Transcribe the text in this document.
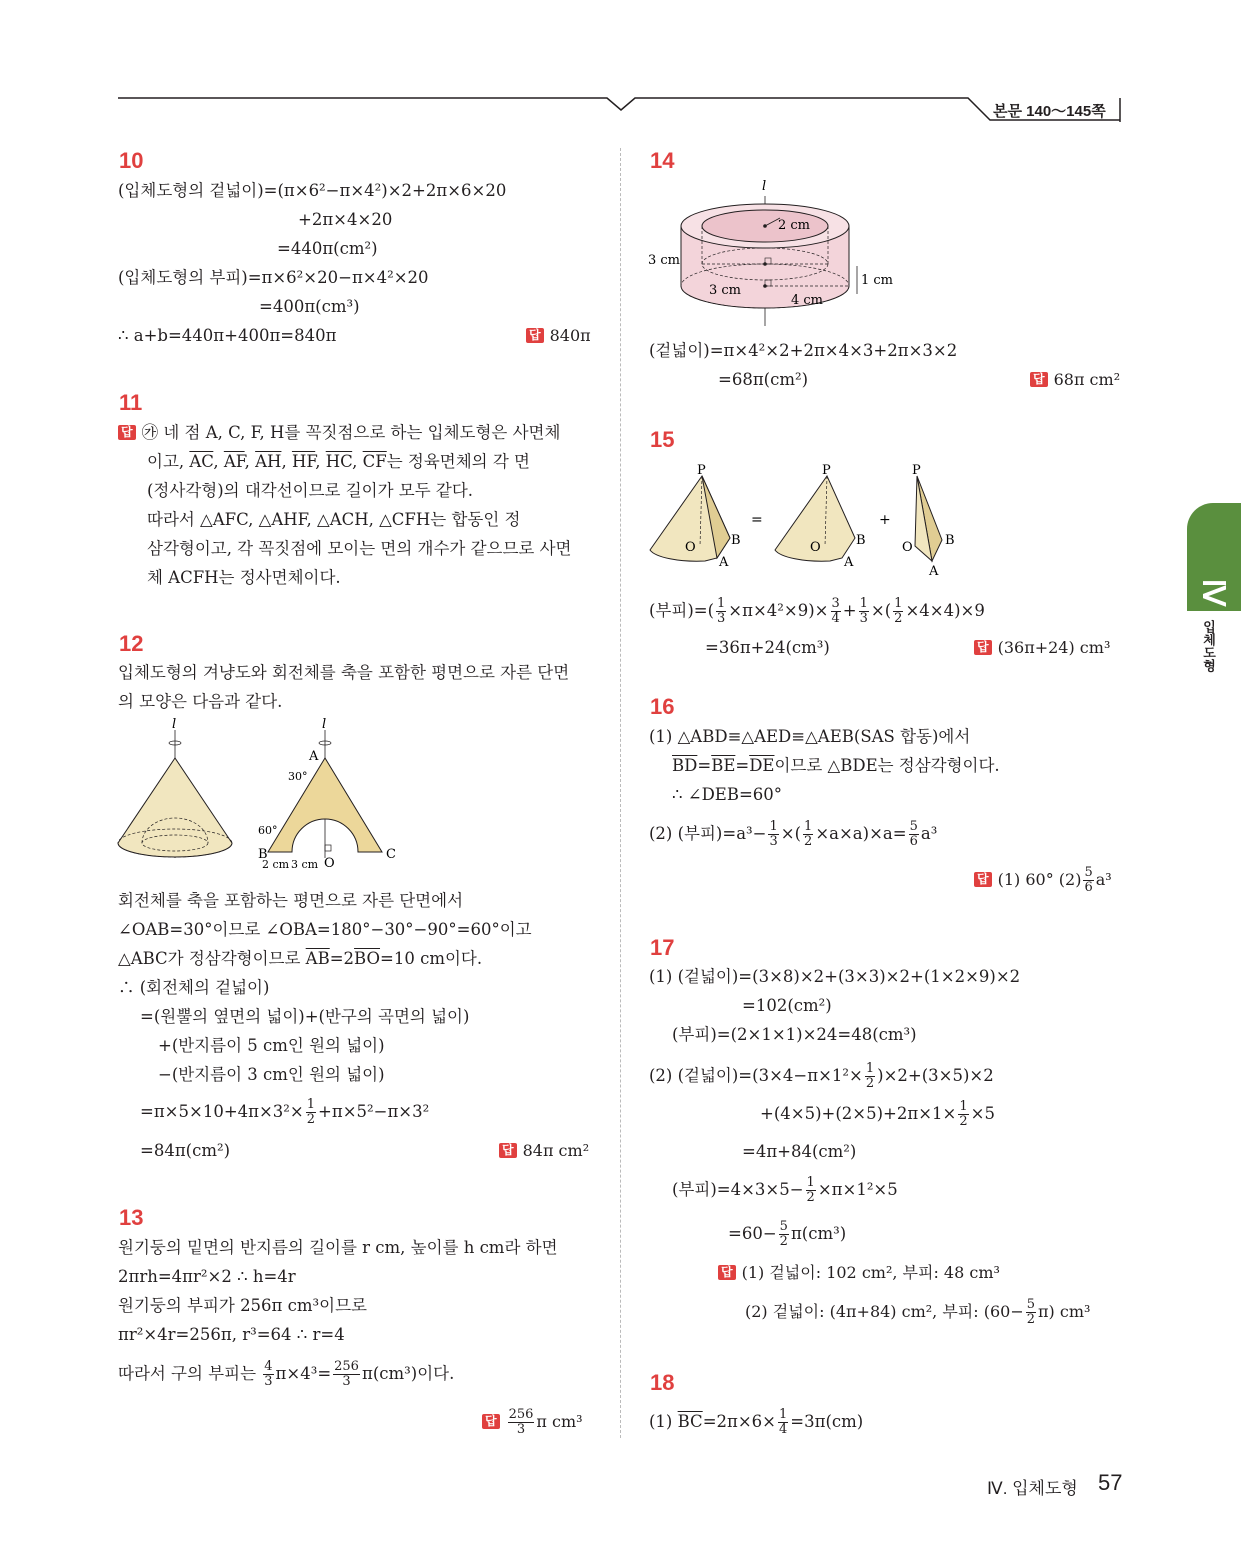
본문 140～145쪽
Ⅳ
입체도형
10
(입체도형의 겉넓이)=(π×6²−π×4²)×2+2π×6×20
+2π×4×20
=440π(cm²)
(입체도형의 부피)=π×6²×20−π×4²×20
=400π(cm³)
∴ a+b=440π+400π=840π	답 840π
11
답 ㉮ 네 점 A, C, F, H를 꼭짓점으로 하는 입체도형은 사면체
이고, $\overline{AC}$, $\overline{AF}$, $\overline{AH}$, $\overline{HF}$, $\overline{HC}$, $\overline{CF}$는 정육면체의 각 면
(정사각형)의 대각선이므로 길이가 모두 같다.
따라서 △AFC, △AHF, △ACH, △CFH는 합동인 정
삼각형이고, 각 꼭짓점에 모이는 면의 개수가 같으므로 사면
체 ACFH는 정사면체이다.
12
입체도형의 겨냥도와 회전체를 축을 포함한 평면으로 자른 단면
의 모양은 다음과 같다.
l	l
A
30°
60°
B	C
O
2 cm 3 cm
회전체를 축을 포함하는 평면으로 자른 단면에서
∠OAB=30°이므로 ∠OBA=180°−30°−90°=60°이고
△ABC가 정삼각형이므로 $\overline{AB}=2\overline{BO}=10$ cm이다.
∴ (회전체의 겉넓이)
=(원뿔의 옆면의 넓이)+(반구의 곡면의 넓이)
+(반지름이 5 cm인 원의 넓이)
−(반지름이 3 cm인 원의 넓이)
$=\pi\times 5\times 10+4\pi\times 3^2\times \frac{1}{2} +\pi\times 5^2-\pi\times 3^2$
=84π(cm²)	답 84π cm²
13
원기둥의 밑면의 반지름의 길이를 r cm, 높이를 h cm라 하면
2πrh=4πr²×2 ∴ h=4r
원기둥의 부피가 256π cm³이므로
πr²×4r=256π, r³=64 ∴ r=4
따라서 구의 부피는 $\frac{4}{3} \pi\times 4^3= \frac{256}{3} \pi(cm^3)$이다.
답 $\frac{256}{3}$ π cm³
14
l
2 cm
3 cm
3 cm
1 cm
4 cm
(겉넓이)=π×4²×2+2π×4×3+2π×3×2
=68π(cm²)	답 68π cm²
15
P
O	B
A
=
P
O	B
A
+
P
O B
A
(부피)=( $\frac{1}{3} \times\pi\times 4^2\times 9)\times \frac{3}{4} + \frac{1}{3}$ ×( $\frac{1}{2} \times 4\times 4)\times 9$
=36π+24(cm³)	답 (36π+24) cm³
16
(1) △ABD≡△AED≡△AEB(SAS 합동)에서
$\overline{BD}=\overline{BE}=\overline{DE}$이므로 △BDE는 정삼각형이다.
∴ ∠DEB=60°
(2) (부피)$=a^3- \frac{1}{3}$ ×( $\frac{1}{2} \times a\times a)\times a= \frac{5}{6} a^3$
답 (1) 60° $(2) \frac{5}{6} a^3$
17
(1) (겉넓이)=(3×8)×2+(3×3)×2+(1×2×9)×2
=102(cm²)
(부피)=(2×1×1)×24=48(cm³)
(2) (겉넓이)$=(3\times 4-\pi\times 1^2\times \frac{1}{2} )\times 2+(3\times 5)\times 2$
$+(4\times 5)+(2\times 5)+2\pi\times 1\times \frac{1}{2} \times 5$
=4π+84(cm²)
(부피)$=4\times 3\times 5- \frac{1}{2} \times\pi\times 1^2\times 5$
$=60- \frac{5}{2} \pi(cm^3)$
답 (1) 겉넓이: 102 cm², 부피: 48 cm³
(2) 겉넓이: (4π+84) cm², 부피: $(60- \frac{5}{2} \pi)$ cm³
18
(1) $\overline{BC}=2\pi\times 6\times \frac{1}{4} =3\pi(cm)$
Ⅳ. 입체도형 57
